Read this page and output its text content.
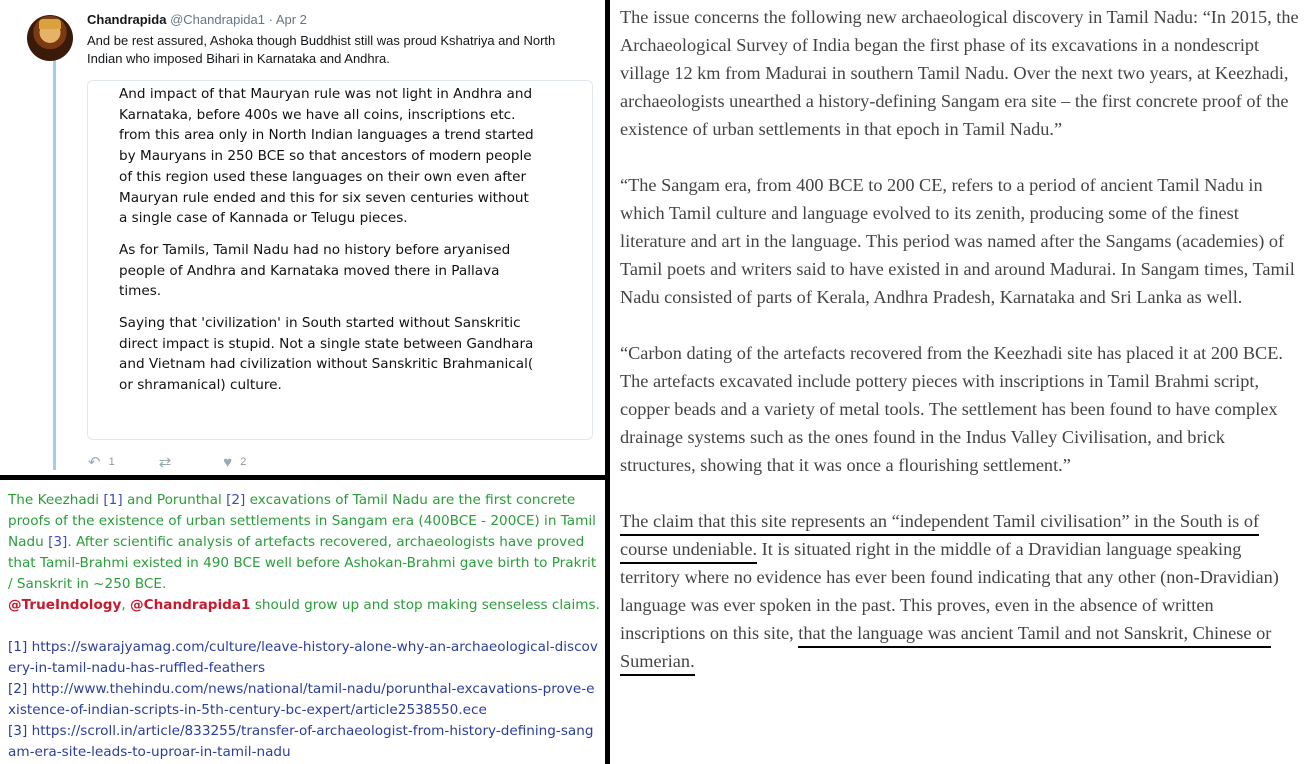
Chandrapida @Chandrapida1 · Apr 2
And be rest assured, Ashoka though Buddhist still was proud Kshatriya and North Indian who imposed Bihari in Karnataka and Andhra.

And impact of that Mauryan rule was not light in Andhra and Karnataka, before 400s we have all coins, inscriptions etc. from this area only in North Indian languages a trend started by Mauryans in 250 BCE so that ancestors of modern people of this region used these languages on their own even after Mauryan rule ended and this for six seven centuries without a single case of Kannada or Telugu pieces.

As for Tamils, Tamil Nadu had no history before aryanised people of Andhra and Karnataka moved there in Pallava times.

Saying that 'civilization' in South started without Sanskritic direct impact is stupid. Not a single state between Gandhara and Vietnam had civilization without Sanskritic Brahmanical( or shramanical) culture.

↶ 1	⇄	♥ 2

The Keezhadi [1] and Porunthal [2] excavations of Tamil Nadu are the first concrete proofs of the existence of urban settlements in Sangam era (400BCE - 200CE) in Tamil Nadu [3]. After scientific analysis of artefacts recovered, archaeologists have proved that Tamil-Brahmi existed in 490 BCE well before Ashokan-Brahmi gave birth to Prakrit / Sanskrit in ~250 BCE.

@TrueIndology, @Chandrapida1 should grow up and stop making senseless claims.

[1] https://swarajyamag.com/culture/leave-history-alone-why-an-archaeological-discovery-in-tamil-nadu-has-ruffled-feathers
[2] http://www.thehindu.com/news/national/tamil-nadu/porunthal-excavations-prove-existence-of-indian-scripts-in-5th-century-bc-expert/article2538550.ece
[3] https://scroll.in/article/833255/transfer-of-archaeologist-from-history-defining-sangam-era-site-leads-to-uproar-in-tamil-nadu

The issue concerns the following new archaeological discovery in Tamil Nadu: “In 2015, the Archaeological Survey of India began the first phase of its excavations in a nondescript village 12 km from Madurai in southern Tamil Nadu. Over the next two years, at Keezhadi, archaeologists unearthed a history-defining Sangam era site – the first concrete proof of the existence of urban settlements in that epoch in Tamil Nadu.”

“The Sangam era, from 400 BCE to 200 CE, refers to a period of ancient Tamil Nadu in which Tamil culture and language evolved to its zenith, producing some of the finest literature and art in the language. This period was named after the Sangams (academies) of Tamil poets and writers said to have existed in and around Madurai. In Sangam times, Tamil Nadu consisted of parts of Kerala, Andhra Pradesh, Karnataka and Sri Lanka as well.

“Carbon dating of the artefacts recovered from the Keezhadi site has placed it at 200 BCE. The artefacts excavated include pottery pieces with inscriptions in Tamil Brahmi script, copper beads and a variety of metal tools. The settlement has been found to have complex drainage systems such as the ones found in the Indus Valley Civilisation, and brick structures, showing that it was once a flourishing settlement.”

The claim that this site represents an “independent Tamil civilisation” in the South is of course undeniable. It is situated right in the middle of a Dravidian language speaking territory where no evidence has ever been found indicating that any other (non-Dravidian) language was ever spoken in the past. This proves, even in the absence of written inscriptions on this site, that the language was ancient Tamil and not Sanskrit, Chinese or Sumerian.
